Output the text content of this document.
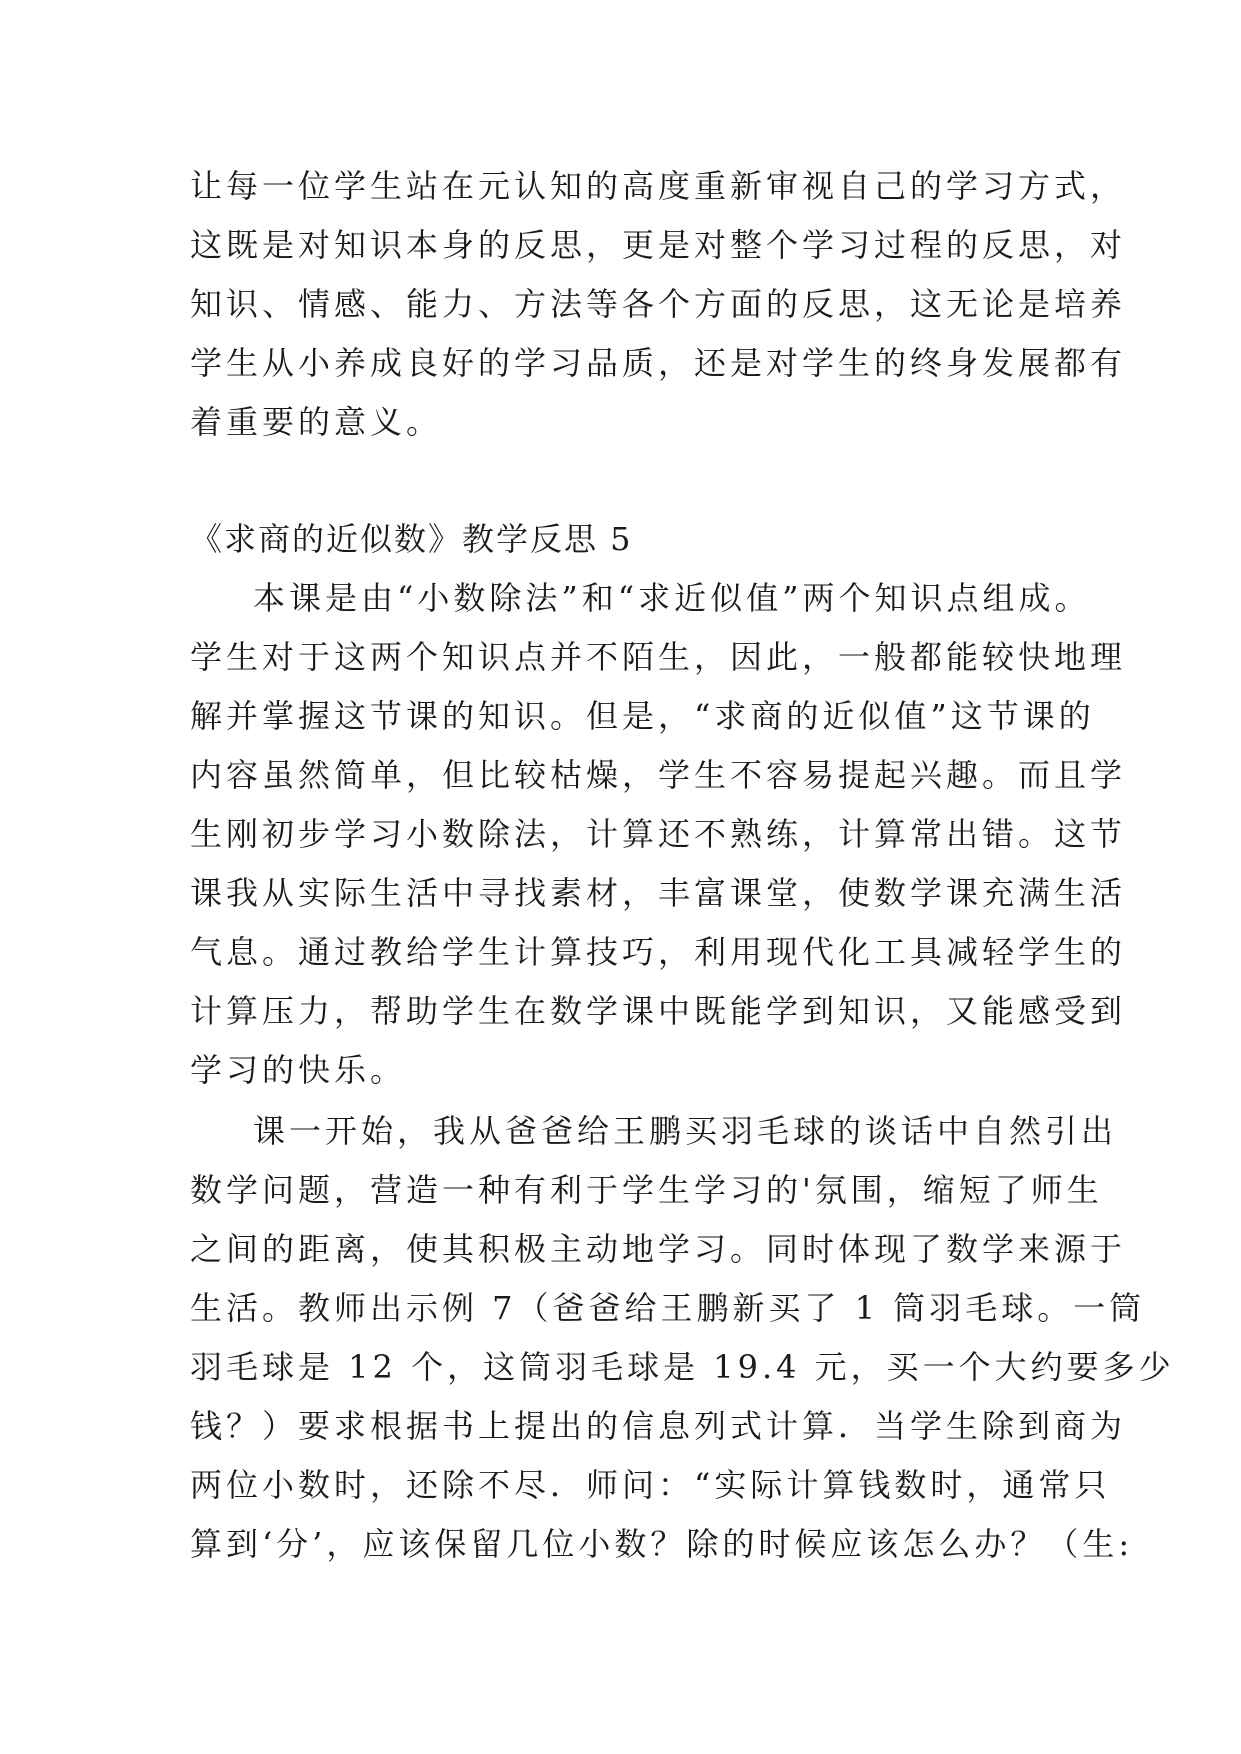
让每一位学生站在元认知的高度重新审视自己的学习方式，
这既是对知识本身的反思，更是对整个学习过程的反思，对
知识、情感、能力、方法等各个方面的反思，这无论是培养
学生从小养成良好的学习品质，还是对学生的终身发展都有
着重要的意义。
《求商的近似数》教学反思 5
本课是由“小数除法”和“求近似值”两个知识点组成。
学生对于这两个知识点并不陌生，因此，一般都能较快地理
解并掌握这节课的知识。但是，“求商的近似值”这节课的
内容虽然简单，但比较枯燥，学生不容易提起兴趣。而且学
生刚初步学习小数除法，计算还不熟练，计算常出错。这节
课我从实际生活中寻找素材，丰富课堂，使数学课充满生活
气息。通过教给学生计算技巧，利用现代化工具减轻学生的
计算压力，帮助学生在数学课中既能学到知识，又能感受到
学习的快乐。
课一开始，我从爸爸给王鹏买羽毛球的谈话中自然引出
数学问题，营造一种有利于学生学习的'氛围，缩短了师生
之间的距离，使其积极主动地学习。同时体现了数学来源于
生活。教师出示例 7（爸爸给王鹏新买了 1 筒羽毛球。一筒
羽毛球是 12 个，这筒羽毛球是 19.4 元，买一个大约要多少
钱？）要求根据书上提出的信息列式计算．当学生除到商为
两位小数时，还除不尽．师问：“实际计算钱数时，通常只
算到‘分’，应该保留几位小数？除的时候应该怎么办？（生:
